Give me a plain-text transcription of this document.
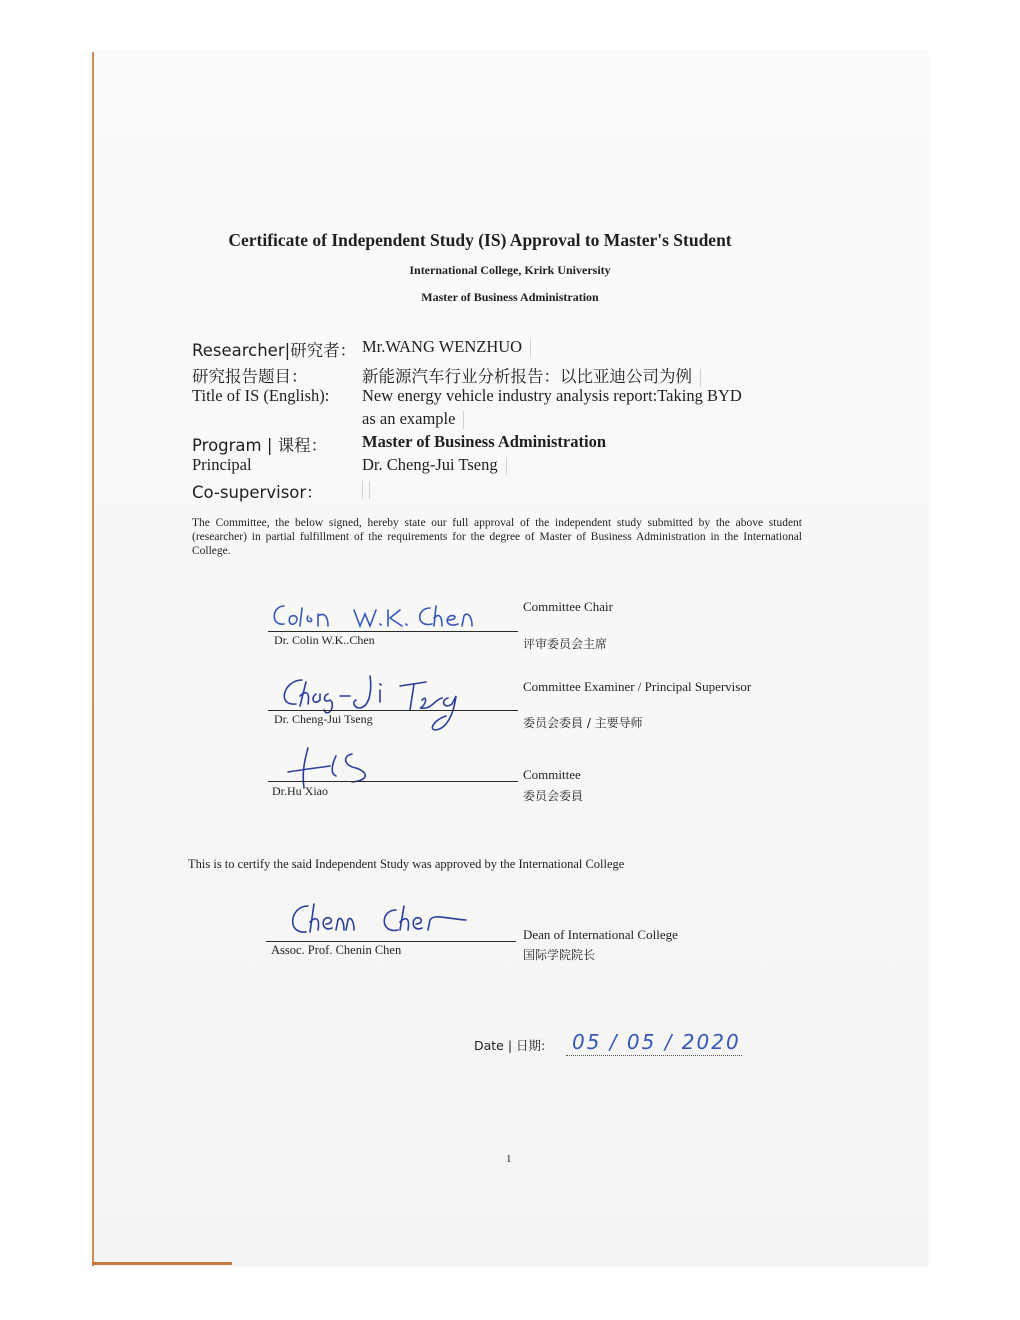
Certificate of Independent Study (IS) Approval to Master's Student
International College, Krirk University
Master of Business Administration
Researcher|研究者： Mr.WANG WENZHUO
研究报告题目：	新能源汽车行业分析报告：以比亚迪公司为例
Title of IS (English): New energy vehicle industry analysis report:Taking BYD
as an example
Program | 课程： Master of Business Administration
Principal	Dr. Cheng-Jui Tseng
Co-supervisor：
The Committee, the below signed, hereby state our full approval of the independent study submitted by the above student (researcher) in partial fulfillment of the requirements for the degree of Master of Business Administration in the International College.
Dr. Colin W.K..Chen
Committee Chair
评审委员会主席
Dr. Cheng-Jui Tseng
Committee Examiner / Principal Supervisor
委员会委員 / 主要导师
Dr.Hu Xiao
Committee
委员会委員
This is to certify the said Independent Study was approved by the International College
Assoc. Prof. Chenin Chen
Dean of International College
国际学院院长
Date | 日期: 05 / 05 / 2020
1
